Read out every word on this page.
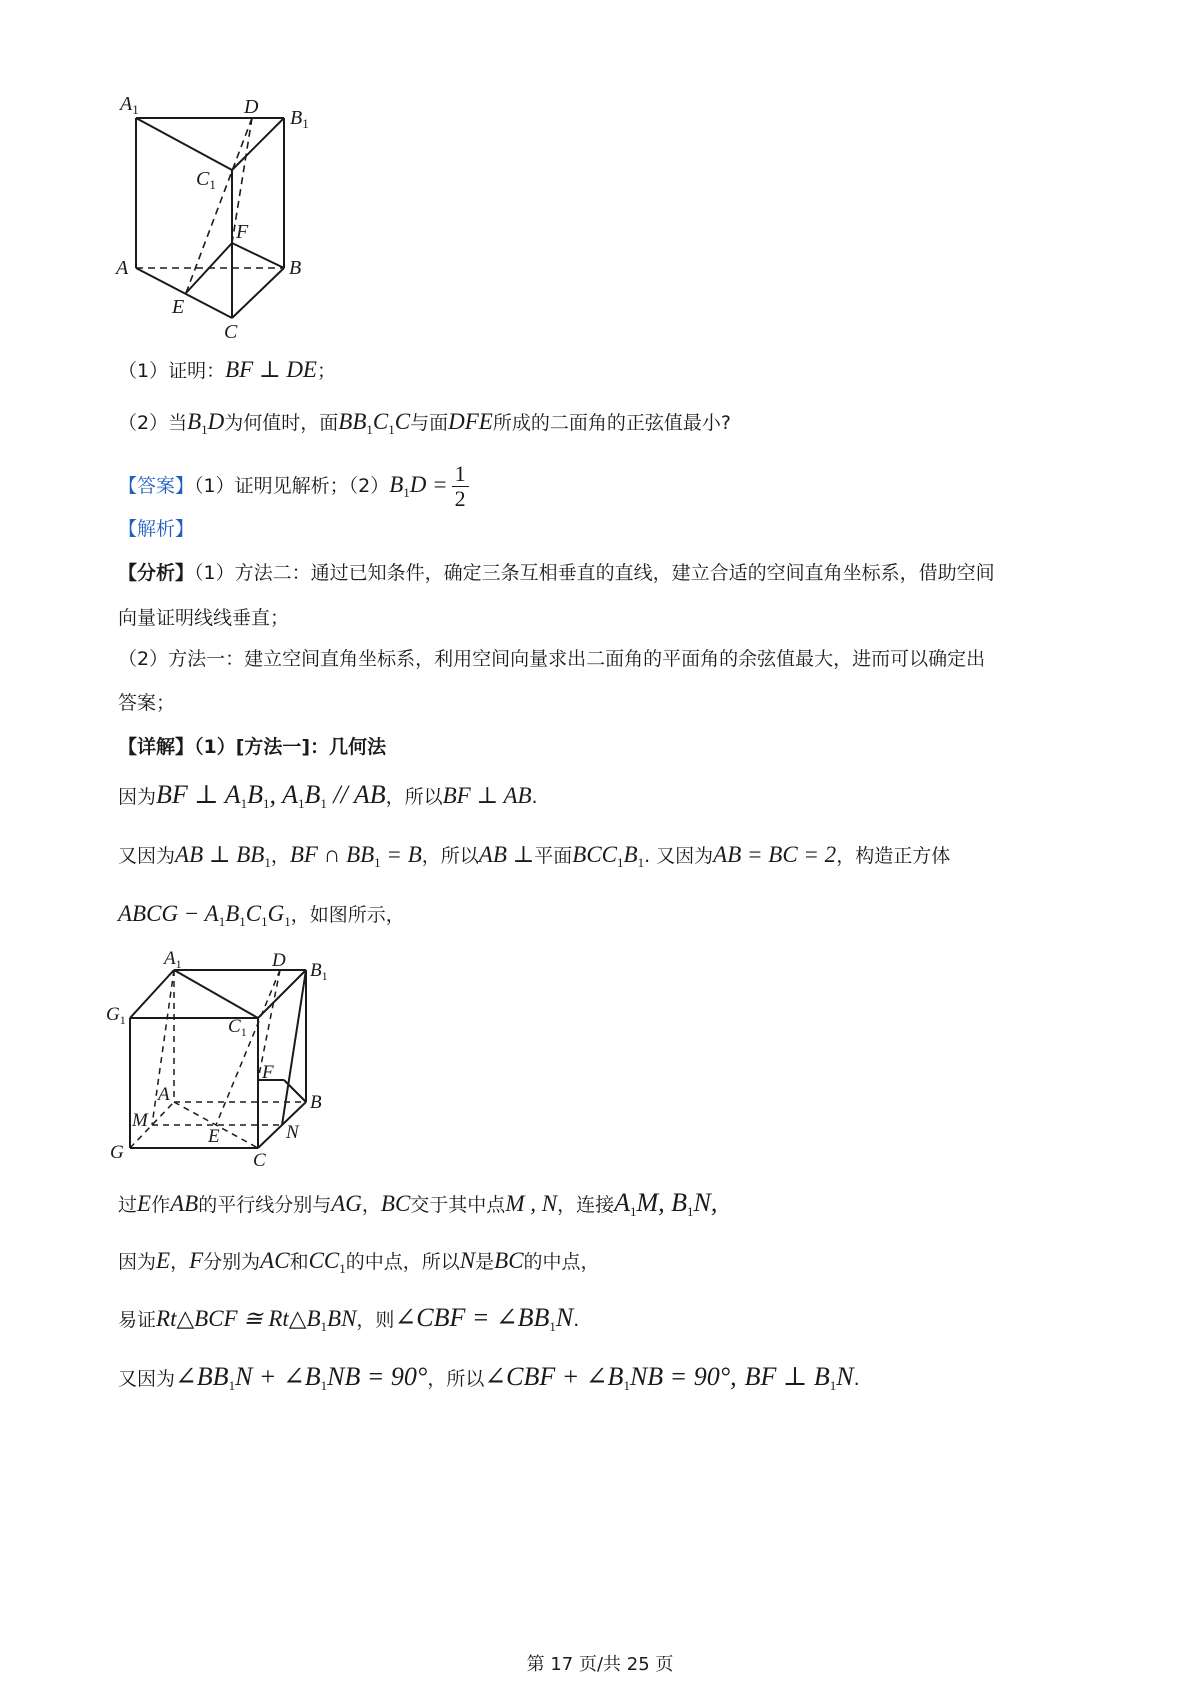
$A_1$	D $B_1$
$C_1$
F
A	B
E
C
（1）证明：BF ⊥ DE；
（2）当$B_1D$为何值时，面$BB_1C_1C$与面DFE所成的二面角的正弦值最小?
【答案】（1）证明见解析；$(2)B_1D = \frac{1}{2}$
【解析】
【分析】（1）方法二：通过已知条件，确定三条互相垂直的直线，建立合适的空间直角坐标系，借助空间
向量证明线线垂直；
（2）方法一：建立空间直角坐标系，利用空间向量求出二面角的平面角的余弦值最大，进而可以确定出
答案；
【详解】（1）[方法一]：几何法
因为BF ⊥ $A_1B_1$, $A_1B_1$ // AB，所以BF ⊥ AB.
又因为AB ⊥ $BB_1$，BF ∩ $BB_1 = B$，所以AB ⊥平面$BCC_1B_1$. 又因为AB = BC = 2，构造正方体
ABCG − $A_1B_1C_1G_1$，如图所示，
$A_1$	D $B_1$
$G_1$	$C_1$
F
A	B
M
E	N
G	C
过E作AB的平行线分别与AG，BC交于其中点M , N，连接$A_1M$, $B_1N$,
因为E，F分别为AC和$CC_1$的中点，所以N是BC的中点，
易证Rt△BCF ≅ $Rt\triangle B_1BN$，则∠CBF = $\angle BB_1N$.
又因为$\angle BB_1N$ + $\angle B_1NB = 90^\circ$，所以∠CBF + $\angle B_1NB = 90^\circ$, BF ⊥ $B_1N$.
第 17 页/共 25 页
